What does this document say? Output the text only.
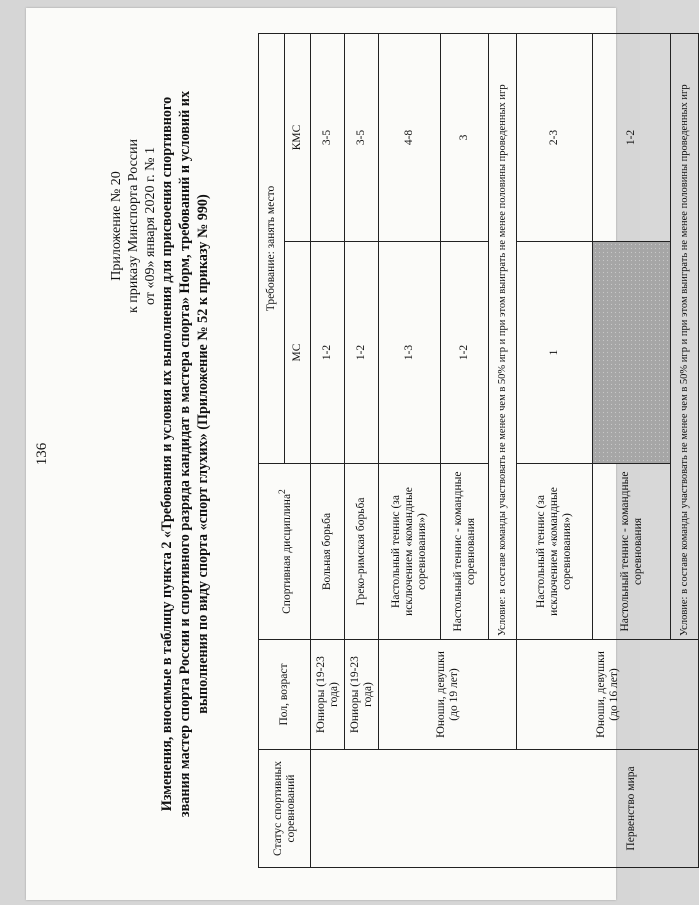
136
Приложение № 20 к приказу Минспорта России от «09» января 2020 г. № 1 Изменения, вносимые в таблицу пункта 2 «Требования и условия их выполнения для присвоения спортивного звания мастер спорта России и спортивного разряда кандидат в мастера спорта» Норм, требований и условий их выполнения по виду спорта «спорт глухих» (Приложение № 52 к приказу № 990)
Статус спортивных соревнований	Пол, возраст	Спортивная дисциплина$^2$	Требование: занять место	
			МС	КМС
Первенство мира	Юниоры (19-23 года)	Вольная борьба	1-2	3-5
	Юниоры (19-23 года)	Греко-римская борьба	1-2	3-5
	Юноши, девушки (до 19 лет)	Настольный теннис (за исключением «командные соревнования»)	1-3	4-8
		Настольный теннис - командные соревнования	1-2	3
		Условие: в составе команды участвовать не менее чем в 50% игр и при этом выиграть не менее половины проведенных игр		
	Юноши, девушки (до 16 лет)	Настольный теннис (за исключением «командные соревнования»)	1	2-3
		Настольный теннис - командные соревнования		1-2
		Условие: в составе команды участвовать не менее чем в 50% игр и при этом выиграть не менее половины проведенных игр		
